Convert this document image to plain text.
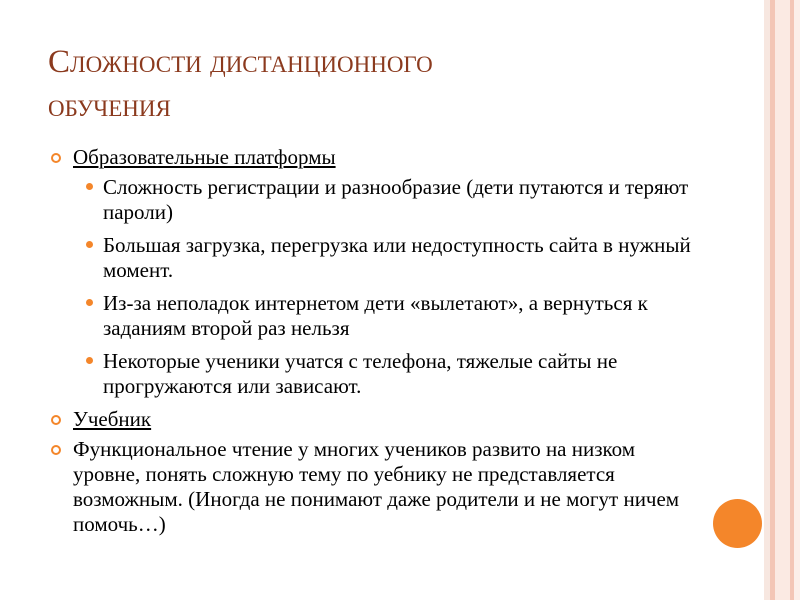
Сложности дистанционного
обучения
Образовательные платформы
Сложность регистрации и разнообразие (дети путаются и теряют пароли)
Большая загрузка, перегрузка или недоступность сайта в нужный момент.
Из-за неполадок интернетом дети «вылетают», а вернуться к заданиям второй раз нельзя
Некоторые ученики учатся с телефона, тяжелые сайты не прогружаются или зависают.
Учебник
Функциональное чтение у многих учеников развито на низком уровне, понять сложную тему по уебнику не представляется возможным. (Иногда не понимают даже родители и не могут ничем помочь…)
